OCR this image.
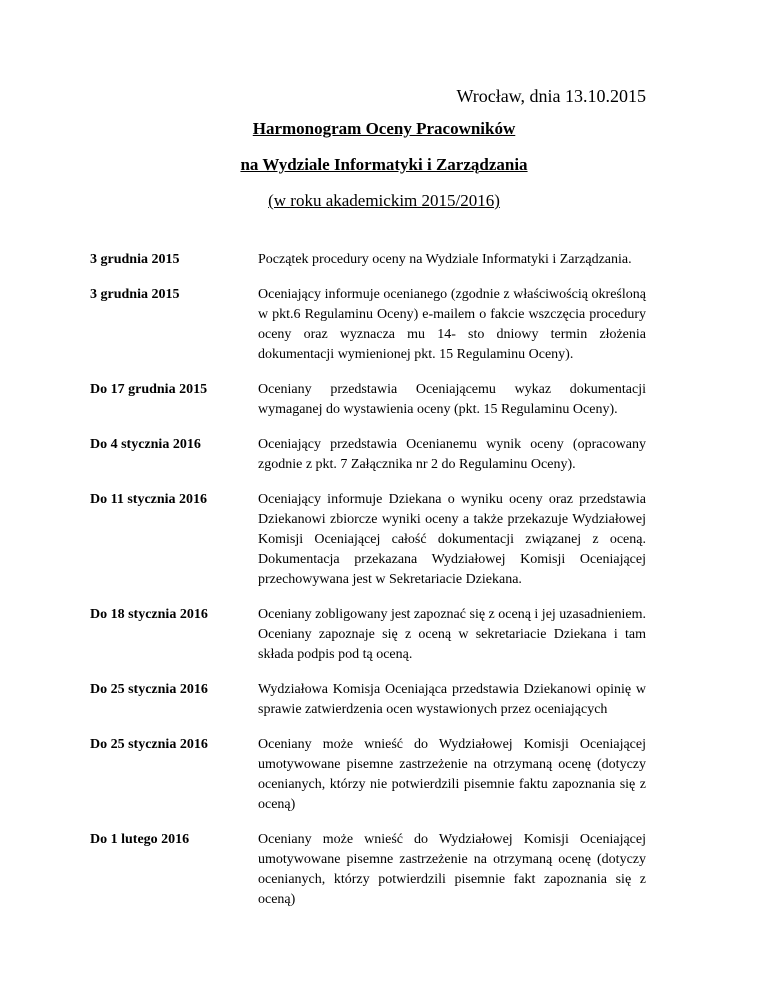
Wrocław, dnia 13.10.2015
Harmonogram Oceny Pracowników
na Wydziale Informatyki i Zarządzania
(w roku akademickim 2015/2016)
3 grudnia 2015	Początek procedury oceny na Wydziale Informatyki i Zarządzania.
3 grudnia 2015	Oceniający informuje ocenianego (zgodnie z właściwością określoną w pkt.6 Regulaminu Oceny) e-mailem o fakcie wszczęcia procedury oceny oraz wyznacza mu 14- sto dniowy termin złożenia dokumentacji wymienionej pkt. 15 Regulaminu Oceny).
Do 17 grudnia 2015	Oceniany przedstawia Oceniającemu wykaz dokumentacji wymaganej do wystawienia oceny (pkt. 15 Regulaminu Oceny).
Do 4 stycznia 2016	Oceniający przedstawia Ocenianemu wynik oceny (opracowany zgodnie z pkt. 7 Załącznika nr 2 do Regulaminu Oceny).
Do 11 stycznia 2016	Oceniający informuje Dziekana o wyniku oceny oraz przedstawia Dziekanowi zbiorcze wyniki oceny a także przekazuje Wydziałowej Komisji Oceniającej całość dokumentacji związanej z oceną. Dokumentacja przekazana Wydziałowej Komisji Oceniającej przechowywana jest w Sekretariacie Dziekana.
Do 18 stycznia 2016	Oceniany zobligowany jest zapoznać się z oceną i jej uzasadnieniem. Oceniany zapoznaje się z oceną w sekretariacie Dziekana i tam składa podpis pod tą oceną.
Do 25 stycznia 2016	Wydziałowa Komisja Oceniająca przedstawia Dziekanowi opinię w sprawie zatwierdzenia ocen wystawionych przez oceniających
Do 25 stycznia 2016	Oceniany może wnieść do Wydziałowej Komisji Oceniającej umotywowane pisemne zastrzeżenie na otrzymaną ocenę (dotyczy ocenianych, którzy nie potwierdzili pisemnie faktu zapoznania się z oceną)
Do 1 lutego 2016	Oceniany może wnieść do Wydziałowej Komisji Oceniającej umotywowane pisemne zastrzeżenie na otrzymaną ocenę (dotyczy ocenianych, którzy potwierdzili pisemnie fakt zapoznania się z oceną)
